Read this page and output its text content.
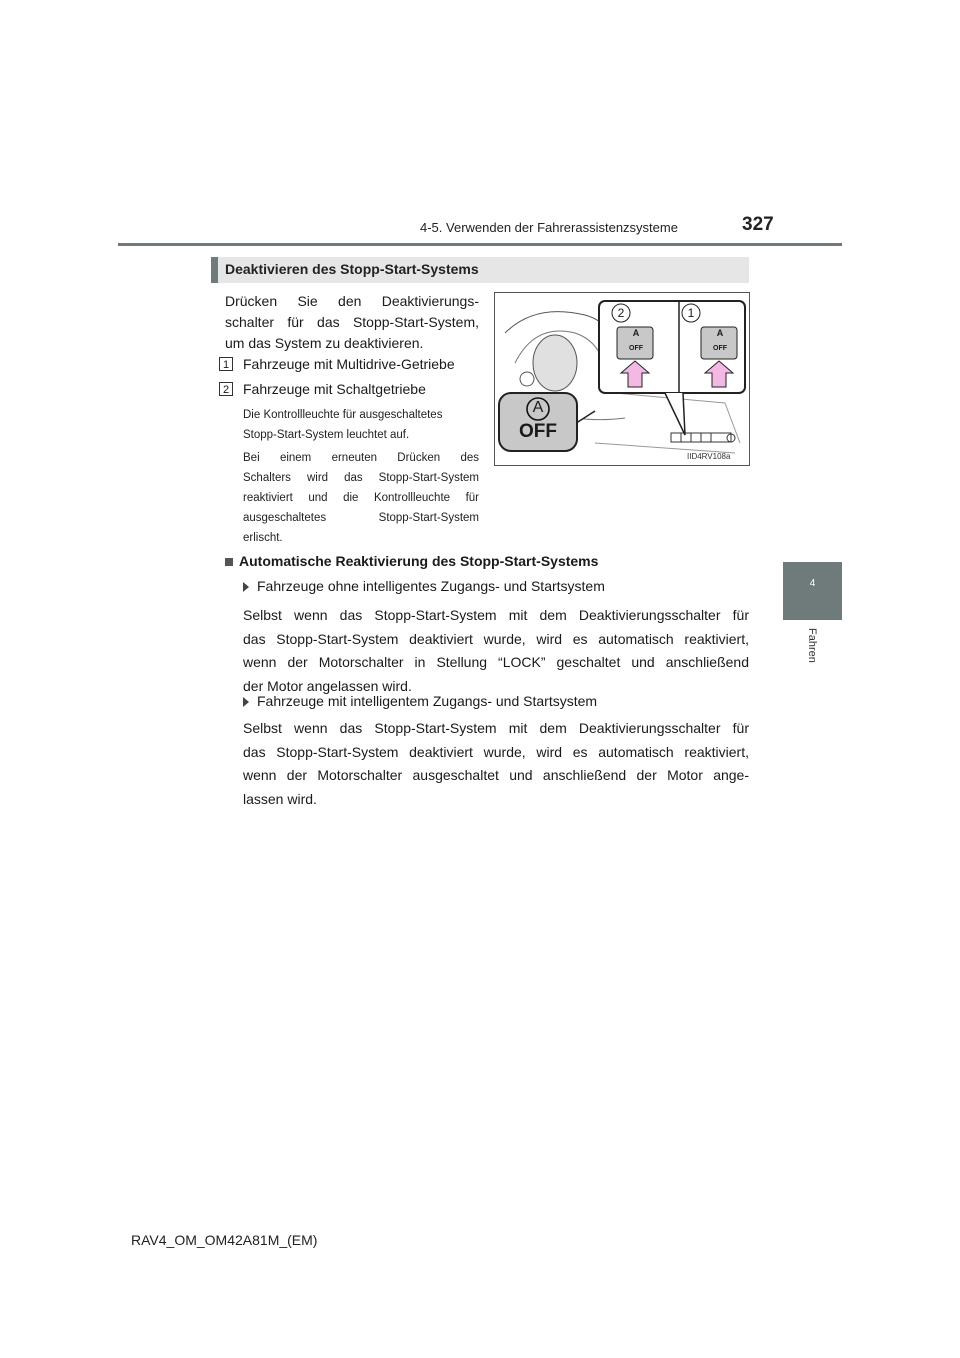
4-5. Verwenden der Fahrerassistenzsysteme	327
4
Fahren
Deaktivieren des Stopp-Start-Systems
Drücken Sie den Deaktivierungs-
schalter für das Stopp-Start-System,
um das System zu deaktivieren.
1 Fahrzeuge mit Multidrive-Getriebe
2 Fahrzeuge mit Schaltgetriebe
Die Kontrollleuchte für ausgeschaltetes
Stopp-Start-System leuchtet auf.
Bei einem erneuten Drücken des
Schalters wird das Stopp-Start-System
reaktiviert und die Kontrollleuchte für
ausgeschaltetes Stopp-Start-System
erlischt.
A
OFF
A
OFF
2	1
A
OFF
IID4RV108a
Automatische Reaktivierung des Stopp-Start-Systems
Fahrzeuge ohne intelligentes Zugangs- und Startsystem
Selbst wenn das Stopp-Start-System mit dem Deaktivierungsschalter für
das Stopp-Start-System deaktiviert wurde, wird es automatisch reaktiviert,
wenn der Motorschalter in Stellung “LOCK” geschaltet und anschließend
der Motor angelassen wird.
Fahrzeuge mit intelligentem Zugangs- und Startsystem
Selbst wenn das Stopp-Start-System mit dem Deaktivierungsschalter für
das Stopp-Start-System deaktiviert wurde, wird es automatisch reaktiviert,
wenn der Motorschalter ausgeschaltet und anschließend der Motor ange-
lassen wird.
RAV4_OM_OM42A81M_(EM)
